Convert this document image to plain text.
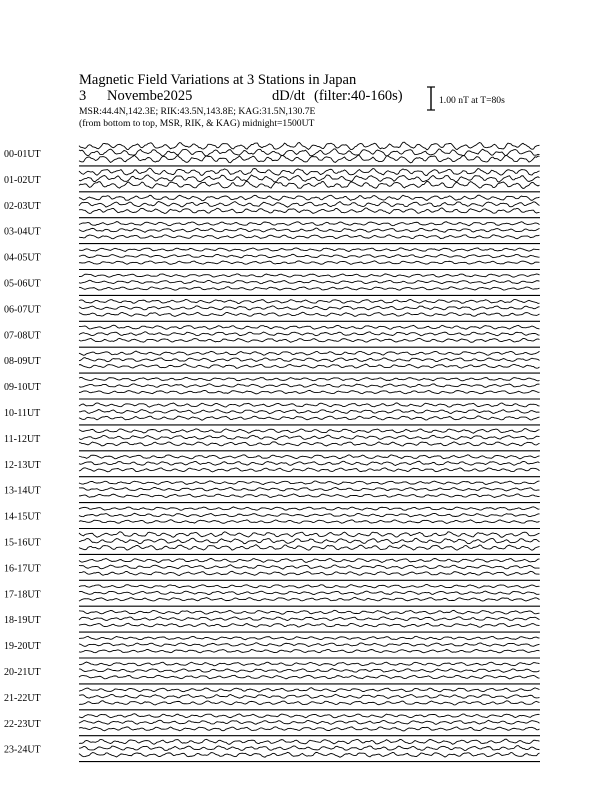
Magnetic Field Variations at 3 Stations in Japan
3 Novembe2025	dD/dt (filter:40-160s)
MSR:44.4N,142.3E; RIK:43.5N,143.8E; KAG:31.5N,130.7E
(from bottom to top, MSR, RIK, & KAG) midnight=1500UT
1.00 nT at T=80s
00-01UT
01-02UT
02-03UT
03-04UT
04-05UT
05-06UT
06-07UT
07-08UT
08-09UT
09-10UT
10-11UT
11-12UT
12-13UT
13-14UT
14-15UT
15-16UT
16-17UT
17-18UT
18-19UT
19-20UT
20-21UT
21-22UT
22-23UT
23-24UT
